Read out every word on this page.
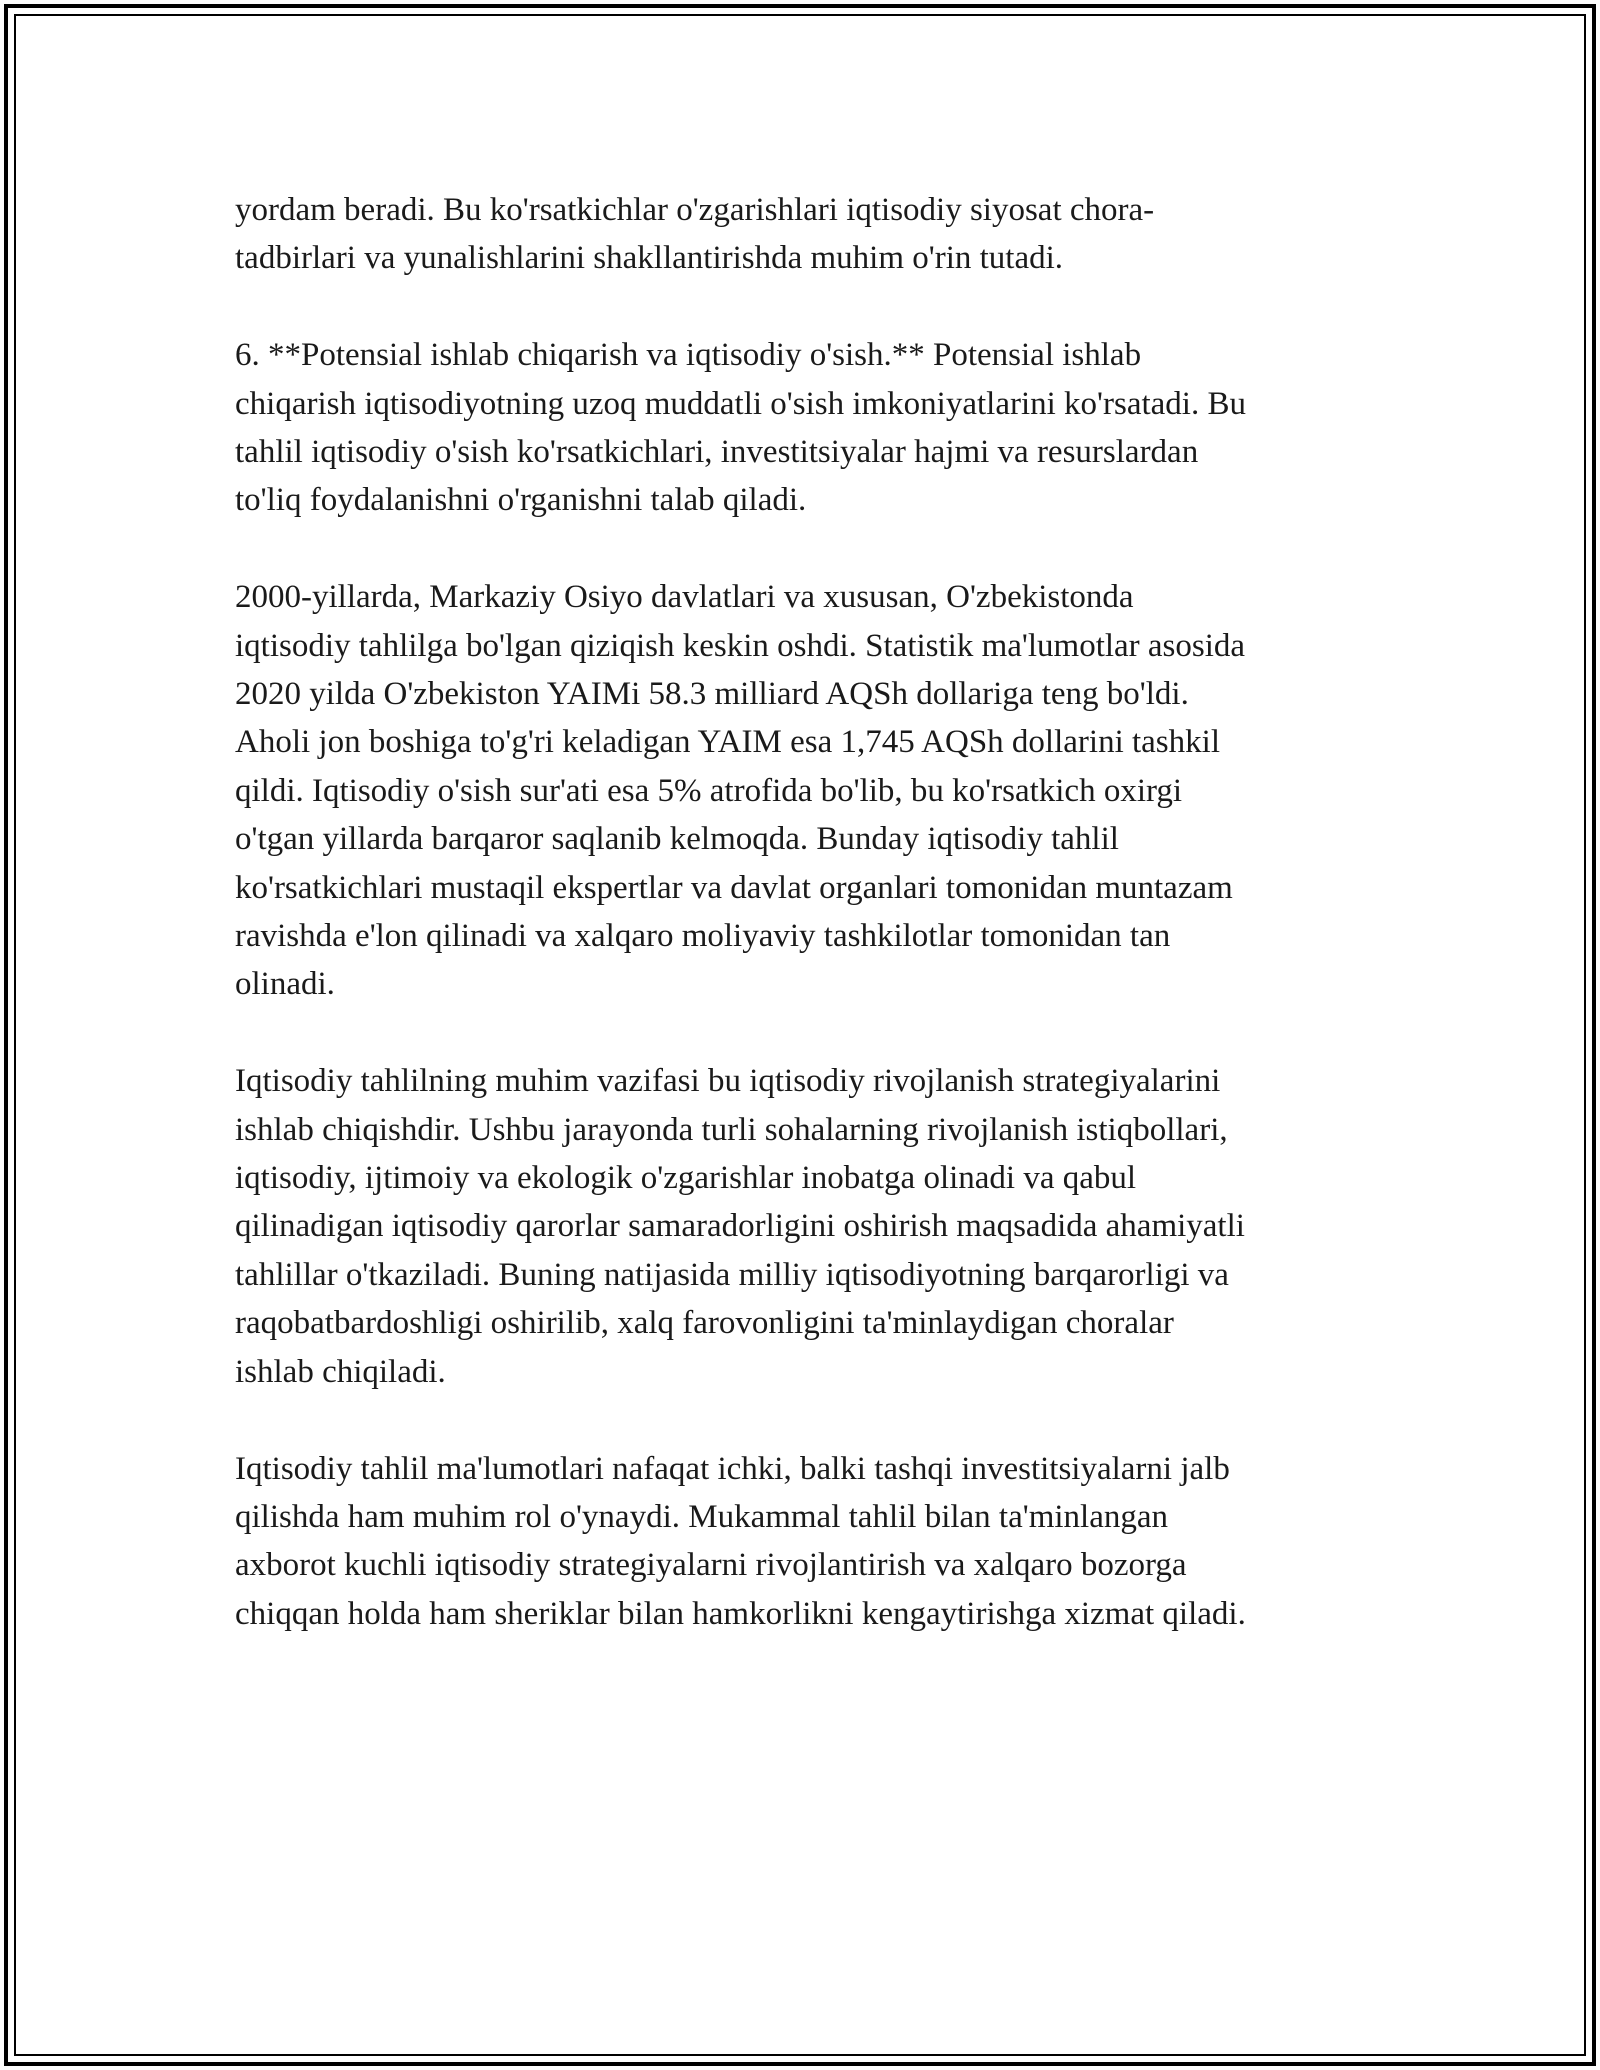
yordam beradi. Bu ko'rsatkichlar o'zgarishlari iqtisodiy siyosat chora-
tadbirlari va yunalishlarini shakllantirishda muhim o'rin tutadi.

6. **Potensial ishlab chiqarish va iqtisodiy o'sish.** Potensial ishlab
chiqarish iqtisodiyotning uzoq muddatli o'sish imkoniyatlarini ko'rsatadi. Bu
tahlil iqtisodiy o'sish ko'rsatkichlari, investitsiyalar hajmi va resurslardan
to'liq foydalanishni o'rganishni talab qiladi.

2000-yillarda, Markaziy Osiyo davlatlari va xususan, O'zbekistonda
iqtisodiy tahlilga bo'lgan qiziqish keskin oshdi. Statistik ma'lumotlar asosida
2020 yilda O'zbekiston YAIMi 58.3 milliard AQSh dollariga teng bo'ldi.
Aholi jon boshiga to'g'ri keladigan YAIM esa 1,745 AQSh dollarini tashkil
qildi. Iqtisodiy o'sish sur'ati esa 5% atrofida bo'lib, bu ko'rsatkich oxirgi
o'tgan yillarda barqaror saqlanib kelmoqda. Bunday iqtisodiy tahlil
ko'rsatkichlari mustaqil ekspertlar va davlat organlari tomonidan muntazam
ravishda e'lon qilinadi va xalqaro moliyaviy tashkilotlar tomonidan tan
olinadi.

Iqtisodiy tahlilning muhim vazifasi bu iqtisodiy rivojlanish strategiyalarini
ishlab chiqishdir. Ushbu jarayonda turli sohalarning rivojlanish istiqbollari,
iqtisodiy, ijtimoiy va ekologik o'zgarishlar inobatga olinadi va qabul
qilinadigan iqtisodiy qarorlar samaradorligini oshirish maqsadida ahamiyatli
tahlillar o'tkaziladi. Buning natijasida milliy iqtisodiyotning barqarorligi va
raqobatbardoshligi oshirilib, xalq farovonligini ta'minlaydigan choralar
ishlab chiqiladi.

Iqtisodiy tahlil ma'lumotlari nafaqat ichki, balki tashqi investitsiyalarni jalb
qilishda ham muhim rol o'ynaydi. Mukammal tahlil bilan ta'minlangan
axborot kuchli iqtisodiy strategiyalarni rivojlantirish va xalqaro bozorga
chiqqan holda ham sheriklar bilan hamkorlikni kengaytirishga xizmat qiladi.
